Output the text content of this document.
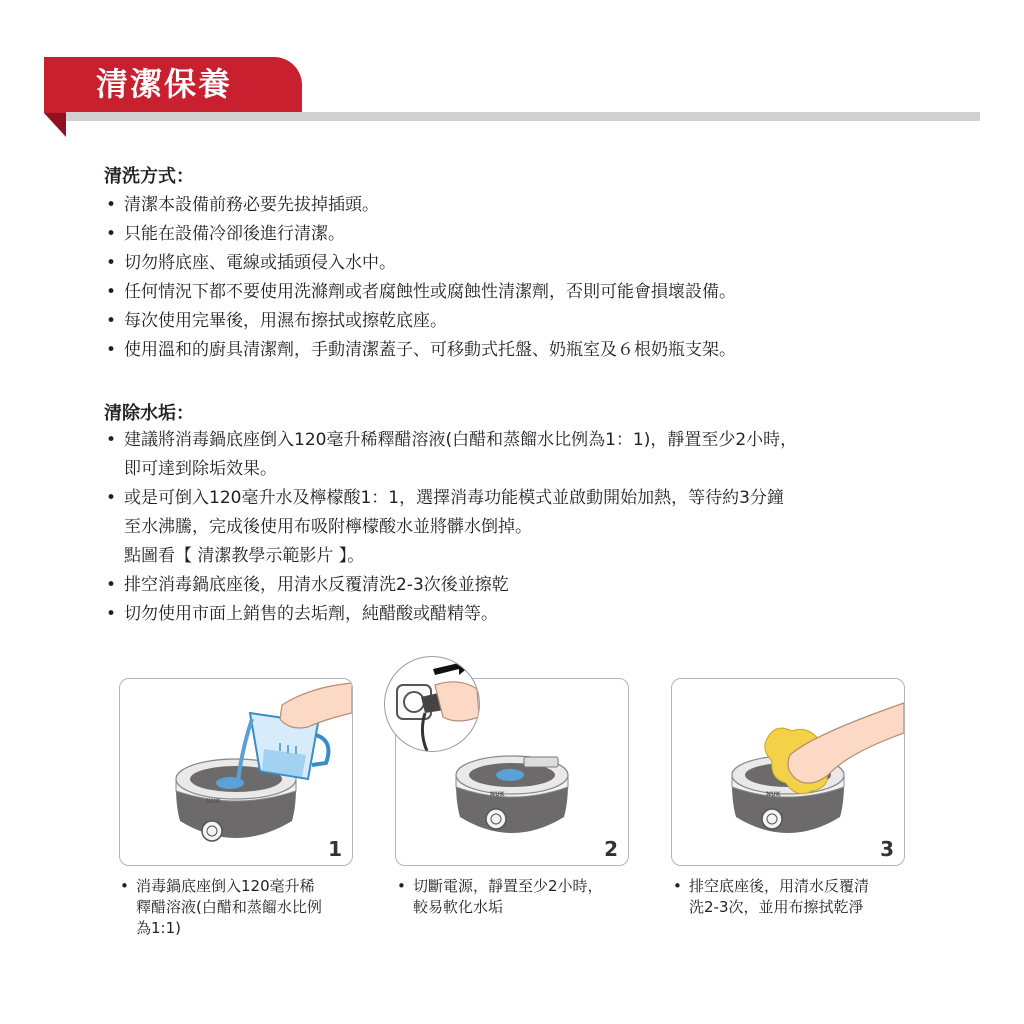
清潔保養
清洗方式：
• 清潔本設備前務必要先拔掉插頭。
• 只能在設備冷卻後進行清潔。
• 切勿將底座、電線或插頭侵入水中。
• 任何情況下都不要使用洗滌劑或者腐蝕性或腐蝕性清潔劑，否則可能會損壞設備。
• 每次使用完畢後，用濕布擦拭或擦乾底座。
• 使用溫和的廚具清潔劑，手動清潔蓋子、可移動式托盤、奶瓶室及６根奶瓶支架。
清除水垢：
• 建議將消毒鍋底座倒入120毫升稀釋醋溶液(白醋和蒸餾水比例為1：1)，靜置至少2小時，
即可達到除垢效果。
• 或是可倒入120毫升水及檸檬酸1：1，選擇消毒功能模式並啟動開始加熱，等待約3分鐘
至水沸騰，完成後使用布吸附檸檬酸水並將髒水倒掉。
點圖看【 清潔教學示範影片 】。
• 排空消毒鍋底座後，用清水反覆清洗2-3次後並擦乾
• 切勿使用市面上銷售的去垢劑，純醋酸或醋精等。
NUK
1
NUK
2
NUK
3
• 消毒鍋底座倒入120毫升稀
釋醋溶液(白醋和蒸餾水比例
為1:1)
• 切斷電源，靜置至少2小時，
較易軟化水垢
• 排空底座後，用清水反覆清
洗2-3次，並用布擦拭乾淨
